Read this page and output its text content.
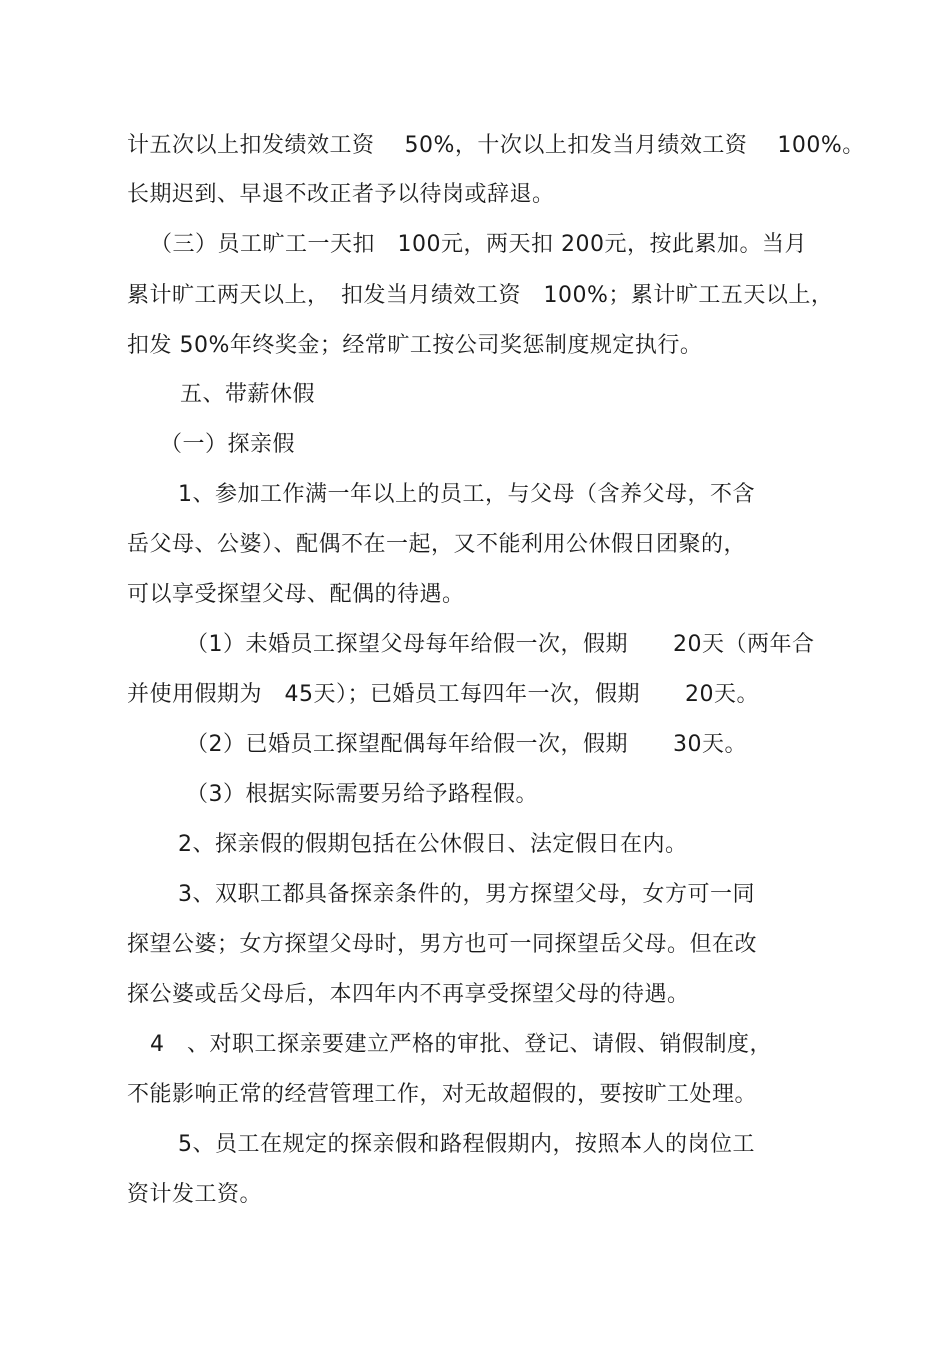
计五次以上扣发绩效工资　 50%，十次以上扣发当月绩效工资　 100%。
长期迟到、早退不改正者予以待岗或辞退。
（三）员工旷工一天扣　100元，两天扣 200元，按此累加。当月
累计旷工两天以上，　扣发当月绩效工资　100%；累计旷工五天以上，
扣发 50%年终奖金；经常旷工按公司奖惩制度规定执行。
五、带薪休假
（一）探亲假
1、参加工作满一年以上的员工，与父母（含养父母，不含
岳父母、公婆）、配偶不在一起，又不能利用公休假日团聚的，
可以享受探望父母、配偶的待遇。
（1）未婚员工探望父母每年给假一次，假期　　20天（两年合
并使用假期为　45天）；已婚员工每四年一次，假期　　20天。
（2）已婚员工探望配偶每年给假一次，假期　　30天。
（3）根据实际需要另给予路程假。
2、探亲假的假期包括在公休假日、法定假日在内。
3、双职工都具备探亲条件的，男方探望父母，女方可一同
探望公婆；女方探望父母时，男方也可一同探望岳父母。但在改
探公婆或岳父母后，本四年内不再享受探望父母的待遇。
4　、对职工探亲要建立严格的审批、登记、请假、销假制度，
不能影响正常的经营管理工作，对无故超假的，要按旷工处理。
5、员工在规定的探亲假和路程假期内，按照本人的岗位工
资计发工资。
